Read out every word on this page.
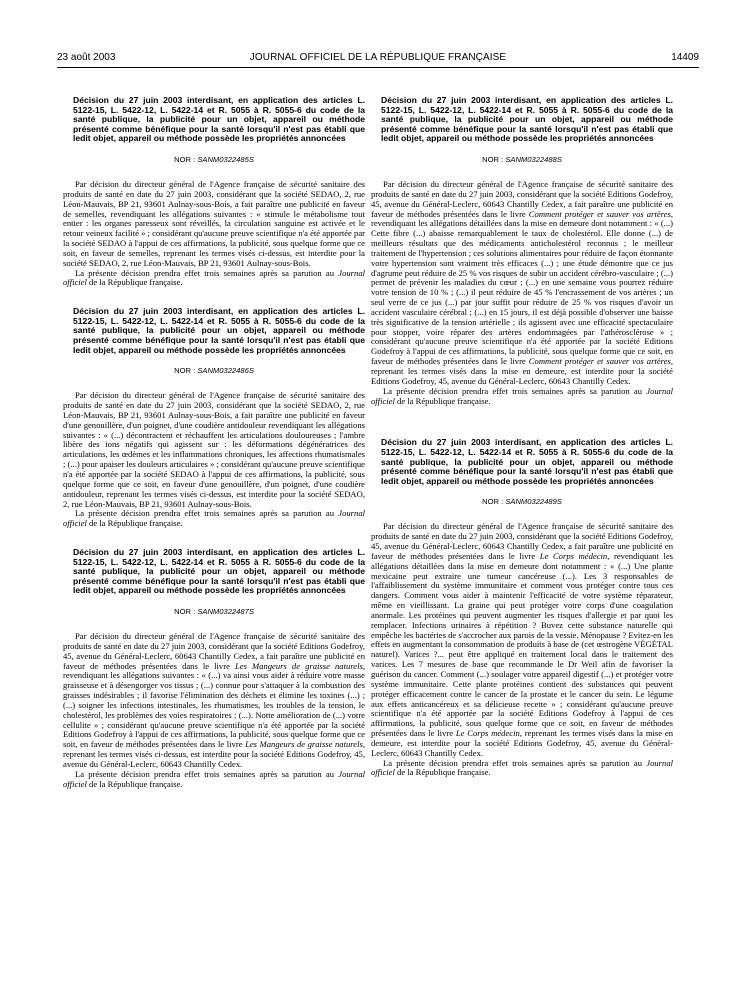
23 août 2003	JOURNAL OFFICIEL DE LA RÉPUBLIQUE FRANÇAISE	14409

Décision du 27 juin 2003 interdisant, en application des articles L. 5122-15, L. 5422-12, L. 5422-14 et R. 5055 à R. 5055-6 du code de la santé publique, la publicité pour un objet, appareil ou méthode présenté comme bénéfique pour la santé lorsqu'il n'est pas établi que ledit objet, appareil ou méthode possède les propriétés annoncées

NOR : SANM0322485S

Par décision du directeur général de l'Agence française de sécurité sanitaire des produits de santé en date du 27 juin 2003, considérant que la société SEDAO, 2, rue Léon-Mauvais, BP 21, 93601 Aulnay-sous-Bois, a fait paraître une publicité en faveur de semelles, revendiquant les allégations suivantes : « stimule le métabolisme tout entier : les organes paresseux sont réveillés, la circulation sanguine est activée et le retour veineux facilité » ; considérant qu'aucune preuve scientifique n'a été apportée par la société SEDAO à l'appui de ces affirmations, la publicité, sous quelque forme que ce soit, en faveur de semelles, reprenant les termes visés ci-dessus, est interdite pour la société SEDAO, 2, rue Léon-Mauvais, BP 21, 93601 Aulnay-sous-Bois.

La présente décision prendra effet trois semaines après sa parution au Journal officiel de la République française.

Décision du 27 juin 2003 interdisant, en application des articles L. 5122-15, L. 5422-12, L. 5422-14 et R. 5055 à R. 5055-6 du code de la santé publique, la publicité pour un objet, appareil ou méthode présenté comme bénéfique pour la santé lorsqu'il n'est pas établi que ledit objet, appareil ou méthode possède les propriétés annoncées

NOR : SANM0322486S

Par décision du directeur général de l'Agence française de sécurité sanitaire des produits de santé en date du 27 juin 2003, considérant que la société SEDAO, 2, rue Léon-Mauvais, BP 21, 93601 Aulnay-sous-Bois, a fait paraître une publicité en faveur d'une genouillère, d'un poignet, d'une coudière antidouleur revendiquant les allégations suivantes : « (...) décontractent et réchauffent les articulations douloureuses ; l'ambre libère des ions négatifs qui agissent sur : les déformations dégénératrices des articulations, les œdèmes et les inflammations chroniques, les affections rhumatismales ; (...) pour apaiser les douleurs articulaires » ; considérant qu'aucune preuve scientifique n'a été apportée par la société SEDAO à l'appui de ces affirmations, la publicité, sous quelque forme que ce soit, en faveur d'une genouillère, d'un poignet, d'une coudière antidouleur, reprenant les termes visés ci-dessus, est interdite pour la société SEDAO, 2, rue Léon-Mauvais, BP 21, 93601 Aulnay-sous-Bois.

La présente décision prendra effet trois semaines après sa parution au Journal officiel de la République française.

Décision du 27 juin 2003 interdisant, en application des articles L. 5122-15, L. 5422-12, L. 5422-14 et R. 5055 à R. 5055-6 du code de la santé publique, la publicité pour un objet, appareil ou méthode présenté comme bénéfique pour la santé lorsqu'il n'est pas établi que ledit objet, appareil ou méthode possède les propriétés annoncées

NOR : SANM0322487S

Par décision du directeur général de l'Agence française de sécurité sanitaire des produits de santé en date du 27 juin 2003, considérant que la société Editions Godefroy, 45, avenue du Général-Leclerc, 60643 Chantilly Cedex, a fait paraître une publicité en faveur de méthodes présentées dans le livre Les Mangeurs de graisse naturels, revendiquant les allégations suivantes : « (...) va ainsi vous aider à réduire votre masse graisseuse et à désengorger vos tissus ; (...) connue pour s'attaquer à la combustion des graisses indésirables ; il favorise l'élimination des déchets et élimine les toxines (...) ; (...) soigner les infections intestinales, les rhumatismes, les troubles de la tension, le cholestérol, les problèmes des voies respiratoires ; (...). Notte amélioration de (...) votre cellulite » ; considérant qu'aucune preuve scientifique n'a été apportée par la société Editions Godefroy à l'appui de ces affirmations, la publicité, sous quelque forme que ce soit, en faveur de méthodes présentées dans le livre Les Mangeurs de graisse naturels, reprenant les termes visés ci-dessus, est interdite pour la société Editions Godefroy, 45, avenue du Général-Leclerc, 60643 Chantilly Cedex.

La présente décision prendra effet trois semaines après sa parution au Journal officiel de la République française.

Décision du 27 juin 2003 interdisant, en application des articles L. 5122-15, L. 5422-12, L. 5422-14 et R. 5055 à R. 5055-6 du code de la santé publique, la publicité pour un objet, appareil ou méthode présenté comme bénéfique pour la santé lorsqu'il n'est pas établi que ledit objet, appareil ou méthode possède les propriétés annoncées

NOR : SANM0322488S

Par décision du directeur général de l'Agence française de sécurité sanitaire des produits de santé en date du 27 juin 2003, considérant que la société Editions Godefroy, 45, avenue du Général-Leclerc, 60643 Chantilly Cedex, a fait paraître une publicité en faveur de méthodes présentées dans le livre Comment protéger et sauver vos artères, revendiquant les allégations détaillées dans la mise en demeure dont notamment : « (...) Cette fibre (...) abaisse remarquablement le taux de cholestérol. Elle donne (...) de meilleurs résultats que des médicaments anticholestérol reconnus ; le meilleur traitement de l'hypertension ; ces solutions alimentaires pour réduire de façon étonnante votre hypertension sont vraiment très efficaces (...) ; une étude démontre que ce jus d'agrume peut réduire de 25 % vos risques de subir un accident cérébro-vasculaire ; (...) permet de prévenir les maladies du cœur ; (...) en une semaine vous pourrez réduire votre tension de 10 % ; (...) il peut réduire de 45 % l'encrassement de vos artères ; un seul verre de ce jus (...) par jour suffit pour réduire de 25 % vos risques d'avoir un accident vasculaire cérébral ; (...) en 15 jours, il est déjà possible d'observer une baisse très significative de la tension artérielle ; ils agissent avec une efficacité spectaculaire pour stopper, voire réparer des artères endommagées par l'athérosclérose » ; considérant qu'aucune preuve scientifique n'a été apportée par la société Editions Godefroy à l'appui de ces affirmations, la publicité, sous quelque forme que ce soit, en faveur de méthodes présentées dans le livre Comment protéger et sauver vos artères, reprenant les termes visés dans la mise en demeure, est interdite pour la société Editions Godefroy, 45, avenue du Général-Leclerc, 60643 Chantilly Cedex.

La présente décision prendra effet trois semaines après sa parution au Journal officiel de la République française.

Décision du 27 juin 2003 interdisant, en application des articles L. 5122-15, L. 5422-12, L. 5422-14 et R. 5055 à R. 5055-6 du code de la santé publique, la publicité pour un objet, appareil ou méthode présenté comme bénéfique pour la santé lorsqu'il n'est pas établi que ledit objet, appareil ou méthode possède les propriétés annoncées

NOR : SANM0322489S

Par décision du directeur général de l'Agence française de sécurité sanitaire des produits de santé en date du 27 juin 2003, considérant que la société Editions Godefroy, 45, avenue du Général-Leclerc, 60643 Chantilly Cedex, a fait paraître une publicité en faveur de méthodes présentées dans le livre Le Corps médecin, revendiquant les allégations détaillées dans la mise en demeure dont notamment : « (...) Une plante mexicaine peut extraire une tumeur cancéreuse (...). Les 3 responsables de l'affaiblissement du système immunitaire et comment vous protéger contre tous ces dangers. Comment vous aider à maintenir l'efficacité de votre système réparateur, même en vieillissant. La graine qui peut protéger votre corps d'une coagulation anormale. Les protéines qui peuvent augmenter les risques d'allergie et par quoi les remplacer. Infections urinaires à répétition ? Buvez cette substance naturelle qui empêche les bactéries de s'accrocher aux parois de la vessie. Ménopause ? Evitez-en les effets en augmentant la consommation de produits à base de (cet œstrogène VÉGÉTAL naturel). Varices ?... peut être appliqué en traitement local dans le traitement des varices. Les 7 mesures de base que recommande le Dr Weil afin de favoriser la guérison du cancer. Comment (...) soulager votre appareil digestif (...) et protéger votre système immunitaire. Cette plante protéines contient des substances qui peuvent protéger efficacement contre le cancer de la prostate et le cancer du sein. Le légume aux effets anticancéreux et sa délicieuse recette » ; considérant qu'aucune preuve scientifique n'a été apportée par la société Editions Godefroy à l'appui de ces affirmations, la publicité, sous quelque forme que ce soit, en faveur de méthodes présentées dans le livre Le Corps médecin, reprenant les termes visés dans la mise en demeure, est interdite pour la société Editions Godefroy, 45, avenue du Général-Leclerc, 60643 Chantilly Cedex.

La présente décision prendra effet trois semaines après sa parution au Journal officiel de la République française.
